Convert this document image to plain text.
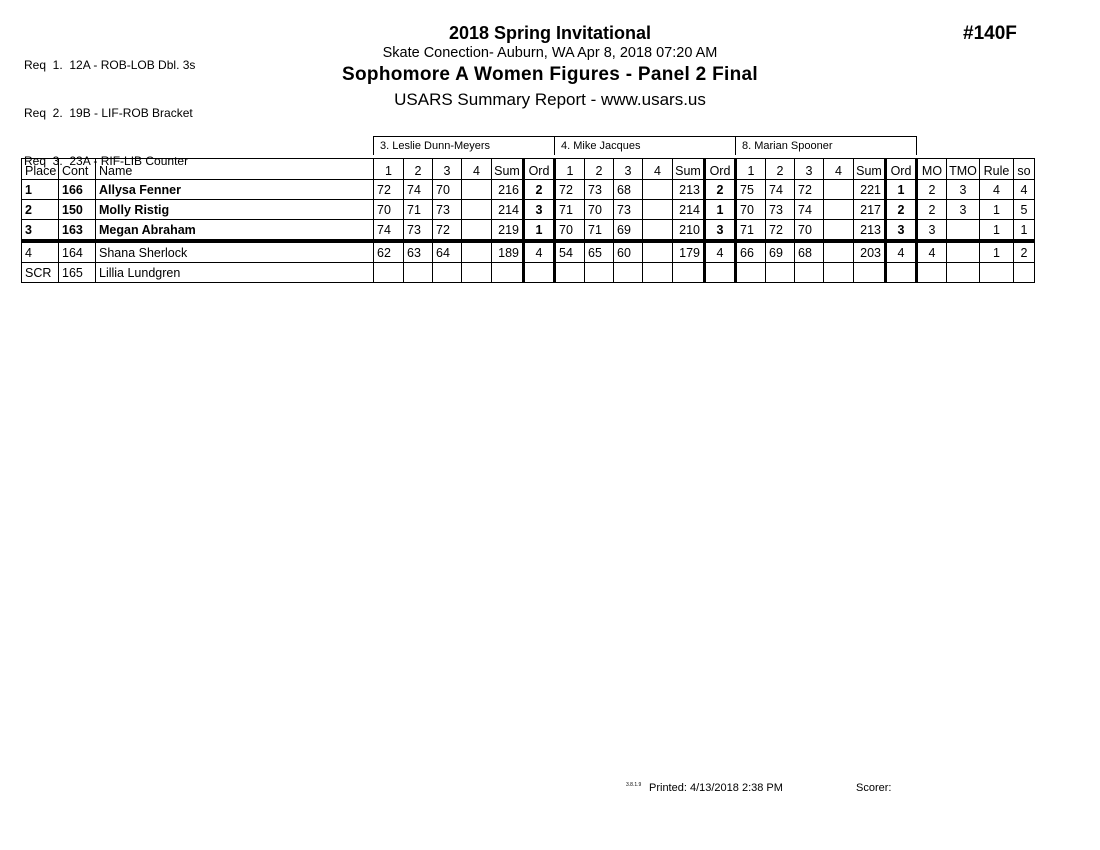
Req  1.  12A - ROB-LOB Dbl. 3s

Req  2.  19B - LIF-ROB Bracket

Req  3.  23A - RIF-LIB Counter

2018 Spring Invitational
Skate Conection- Auburn, WA Apr 8, 2018 07:20 AM
Sophomore A Women Figures - Panel 2 Final
USARS Summary Report - www.usars.us
#140F
3. Leslie Dunn-Meyers	4. Mike Jacques	8. Marian Spooner
Place	Cont	Name	1	2	3	4	Sum	Ord	1	2	3	4	Sum	Ord	1	2	3	4	Sum	Ord	MO	TMO	Rule	so
1	166	Allysa Fenner	72	74	70		216	2	72	73	68		213	2	75	74	72		221	1	2	3	4	4
2	150	Molly Ristig	70	71	73		214	3	71	70	73		214	1	70	73	74		217	2	2	3	1	5
3	163	Megan Abraham	74	73	72		219	1	70	71	69		210	3	71	72	70		213	3	3		1	1
4	164	Shana Sherlock	62	63	64		189	4	54	65	60		179	4	66	69	68		203	4	4		1	2
SCR	165	Lillia Lundgren																						
3.8.1.9 Printed: 4/13/2018 2:38 PM	Scorer:
